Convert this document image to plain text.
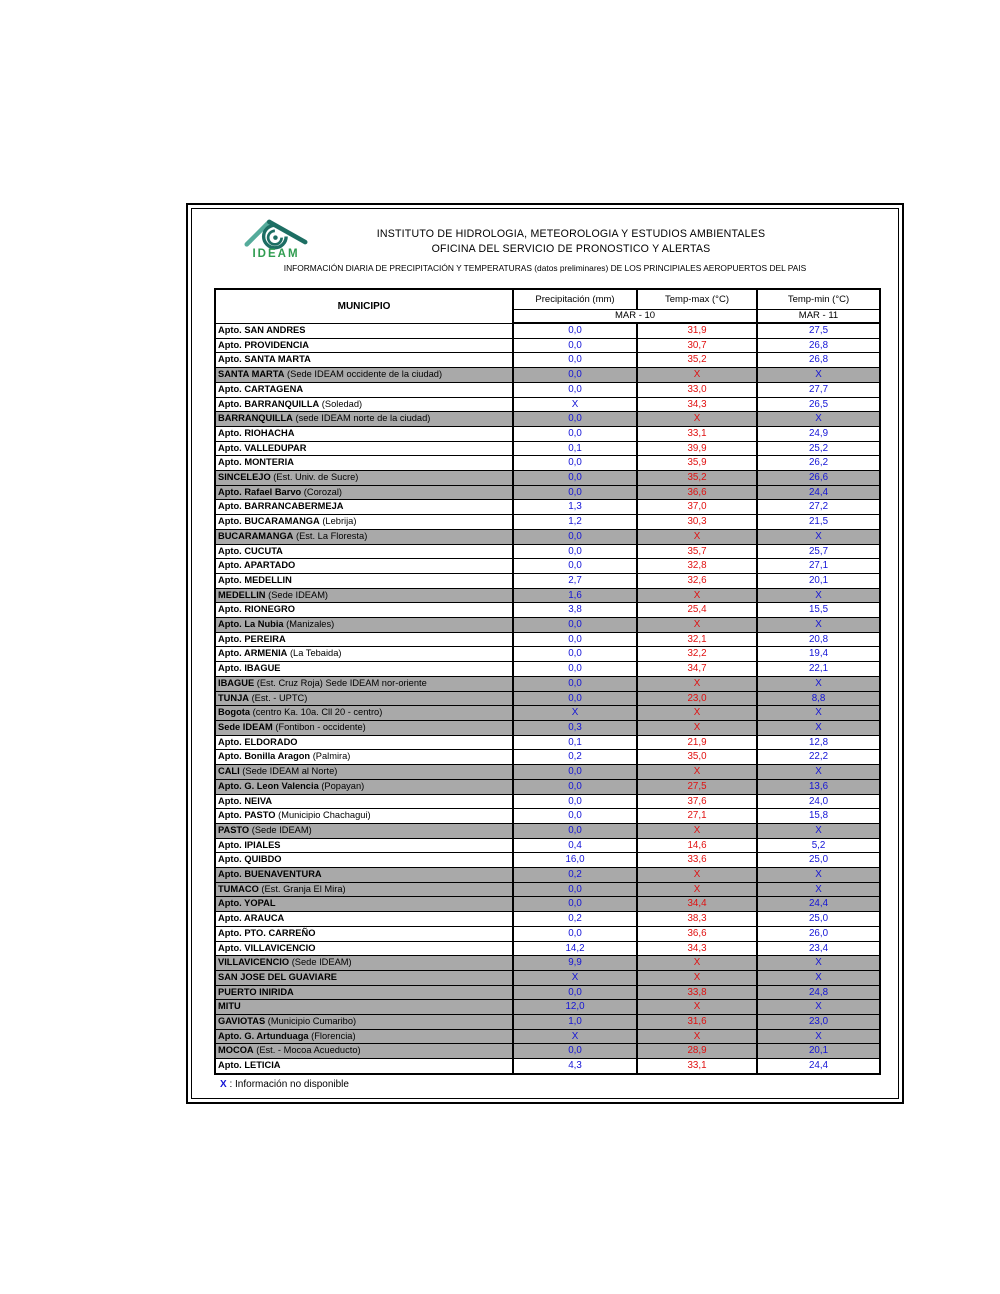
IDEAM
INSTITUTO DE HIDROLOGIA, METEOROLOGIA Y ESTUDIOS AMBIENTALES
OFICINA DEL SERVICIO DE PRONOSTICO Y ALERTAS
INFORMACIÓN DIARIA DE PRECIPITACIÓN Y TEMPERATURAS (datos preliminares) DE LOS PRINCIPIALES AEROPUERTOS DEL PAIS
MUNICIPIO	Precipitación (mm)	Temp-max (°C)	Temp-min (°C)
	MAR - 10		MAR - 11
Apto. SAN ANDRES	0,0	31,9	27,5
Apto. PROVIDENCIA	0,0	30,7	26,8
Apto. SANTA MARTA	0,0	35,2	26,8
SANTA MARTA (Sede IDEAM occidente de la ciudad)	0,0	X	X
Apto. CARTAGENA	0,0	33,0	27,7
Apto. BARRANQUILLA (Soledad)	X	34,3	26,5
BARRANQUILLA (sede IDEAM norte de la ciudad)	0,0	X	X
Apto. RIOHACHA	0,0	33,1	24,9
Apto. VALLEDUPAR	0,1	39,9	25,2
Apto. MONTERIA	0,0	35,9	26,2
SINCELEJO (Est. Univ. de Sucre)	0,0	35,2	26,6
Apto. Rafael Barvo (Corozal)	0,0	36,6	24,4
Apto. BARRANCABERMEJA	1,3	37,0	27,2
Apto. BUCARAMANGA (Lebrija)	1,2	30,3	21,5
BUCARAMANGA (Est. La Floresta)	0,0	X	X
Apto. CUCUTA	0,0	35,7	25,7
Apto. APARTADO	0,0	32,8	27,1
Apto. MEDELLIN	2,7	32,6	20,1
MEDELLIN (Sede IDEAM)	1,6	X	X
Apto. RIONEGRO	3,8	25,4	15,5
Apto. La Nubia (Manizales)	0,0	X	X
Apto. PEREIRA	0,0	32,1	20,8
Apto. ARMENIA (La Tebaida)	0,0	32,2	19,4
Apto. IBAGUE	0,0	34,7	22,1
IBAGUE (Est. Cruz Roja) Sede IDEAM nor-oriente	0,0	X	X
TUNJA (Est. - UPTC)	0,0	23,0	8,8
Bogota (centro Ka. 10a. Cll 20 - centro)	X	X	X
Sede IDEAM (Fontibon - occidente)	0,3	X	X
Apto. ELDORADO	0,1	21,9	12,8
Apto. Bonilla Aragon (Palmira)	0,2	35,0	22,2
CALI (Sede IDEAM al Norte)	0,0	X	X
Apto. G. Leon Valencia (Popayan)	0,0	27,5	13,6
Apto. NEIVA	0,0	37,6	24,0
Apto. PASTO (Municipio Chachagui)	0,0	27,1	15,8
PASTO (Sede IDEAM)	0,0	X	X
Apto. IPIALES	0,4	14,6	5,2
Apto. QUIBDO	16,0	33,6	25,0
Apto. BUENAVENTURA	0,2	X	X
TUMACO (Est. Granja El Mira)	0,0	X	X
Apto. YOPAL	0,0	34,4	24,4
Apto. ARAUCA	0,2	38,3	25,0
Apto. PTO. CARREÑO	0,0	36,6	26,0
Apto. VILLAVICENCIO	14,2	34,3	23,4
VILLAVICENCIO (Sede IDEAM)	9,9	X	X
SAN JOSE DEL GUAVIARE	X	X	X
PUERTO INIRIDA	0,0	33,8	24,8
MITU	12,0	X	X
GAVIOTAS (Municipio Cumaribo)	1,0	31,6	23,0
Apto. G. Artunduaga (Florencia)	X	X	X
MOCOA (Est. - Mocoa Acueducto)	0,0	28,9	20,1
Apto. LETICIA	4,3	33,1	24,4
X : Información no disponible
